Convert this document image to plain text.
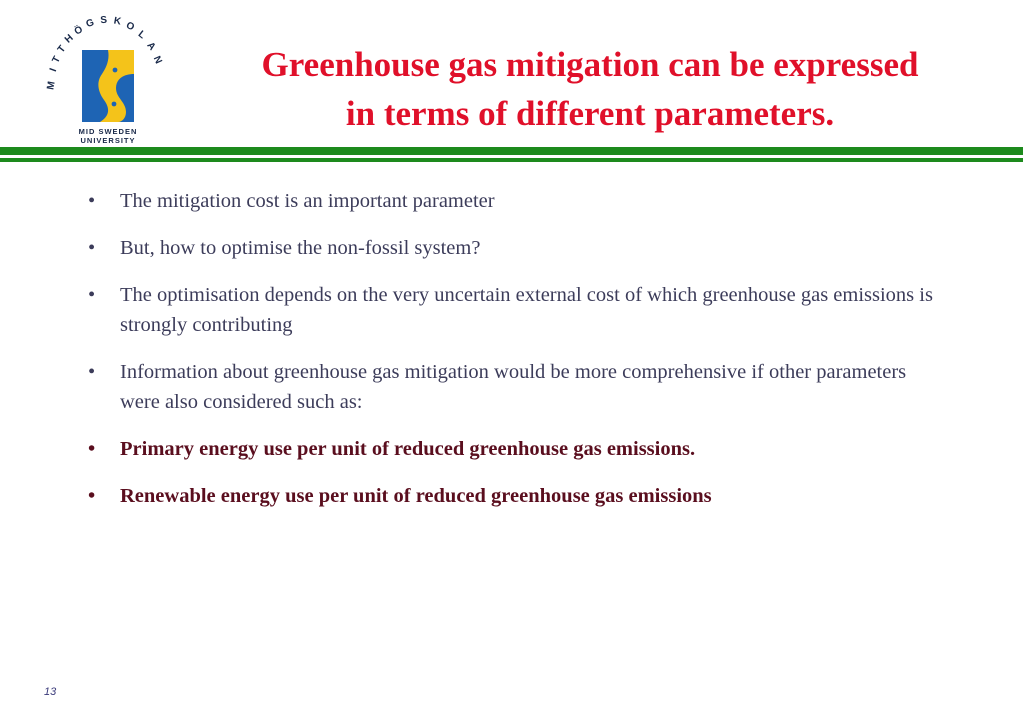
M
I
T
T
H
Ö
G S K O
L
A
N
MID SWEDEN
UNIVERSITY
Greenhouse gas mitigation can be expressed
in terms of different parameters.
• The mitigation cost is an important parameter
• But, how to optimise the non-fossil system?
• The optimisation depends on the very uncertain external cost of which greenhouse gas emissions is strongly contributing
• Information about greenhouse gas mitigation would be more comprehensive if other parameters were also considered such as:
• Primary energy use per unit of reduced greenhouse gas emissions.
• Renewable energy use per unit of reduced greenhouse gas emissions
13
